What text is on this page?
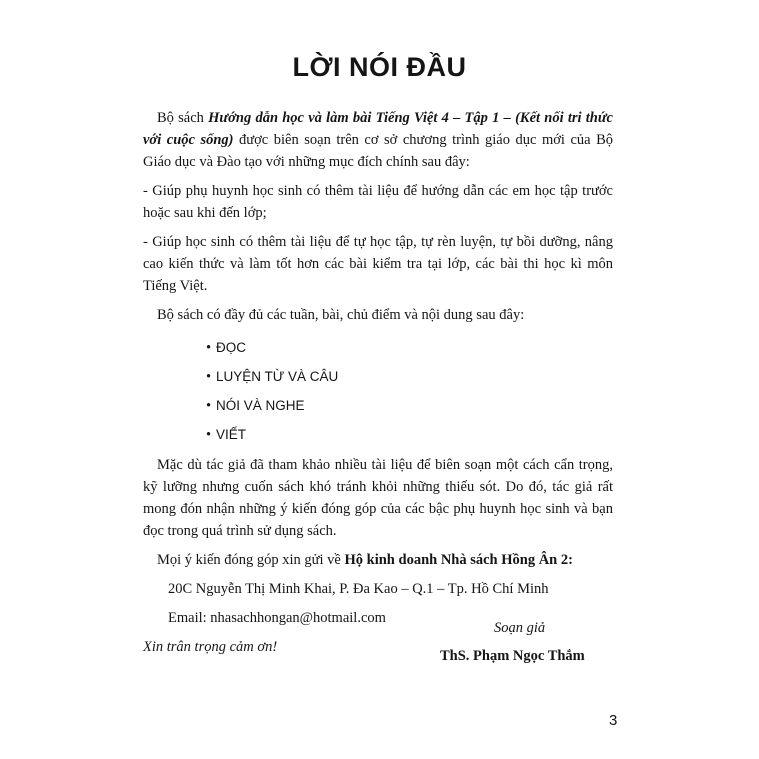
LỜI NÓI ĐẦU

Bộ sách Hướng dẫn học và làm bài Tiếng Việt 4 – Tập 1 – (Kết nối tri thức với cuộc sống) được biên soạn trên cơ sở chương trình giáo dục mới của Bộ Giáo dục và Đào tạo với những mục đích chính sau đây:

- Giúp phụ huynh học sinh có thêm tài liệu để hướng dẫn các em học tập trước hoặc sau khi đến lớp;

- Giúp học sinh có thêm tài liệu để tự học tập, tự rèn luyện, tự bồi dưỡng, nâng cao kiến thức và làm tốt hơn các bài kiểm tra tại lớp, các bài thi học kì môn Tiếng Việt.

Bộ sách có đầy đủ các tuần, bài, chủ điểm và nội dung sau đây:

• ĐỌC
• LUYỆN TỪ VÀ CÂU
• NÓI VÀ NGHE
• VIẾT

Mặc dù tác giả đã tham khảo nhiều tài liệu để biên soạn một cách cẩn trọng, kỹ lưỡng nhưng cuốn sách khó tránh khỏi những thiếu sót. Do đó, tác giả rất mong đón nhận những ý kiến đóng góp của các bậc phụ huynh học sinh và bạn đọc trong quá trình sử dụng sách.

Mọi ý kiến đóng góp xin gửi về Hộ kinh doanh Nhà sách Hồng Ân 2:

20C Nguyễn Thị Minh Khai, P. Đa Kao – Q.1 – Tp. Hồ Chí Minh

Email: nhasachhongan@hotmail.com

Xin trân trọng cảm ơn!

Soạn giả
ThS. Phạm Ngọc Thắm
3
